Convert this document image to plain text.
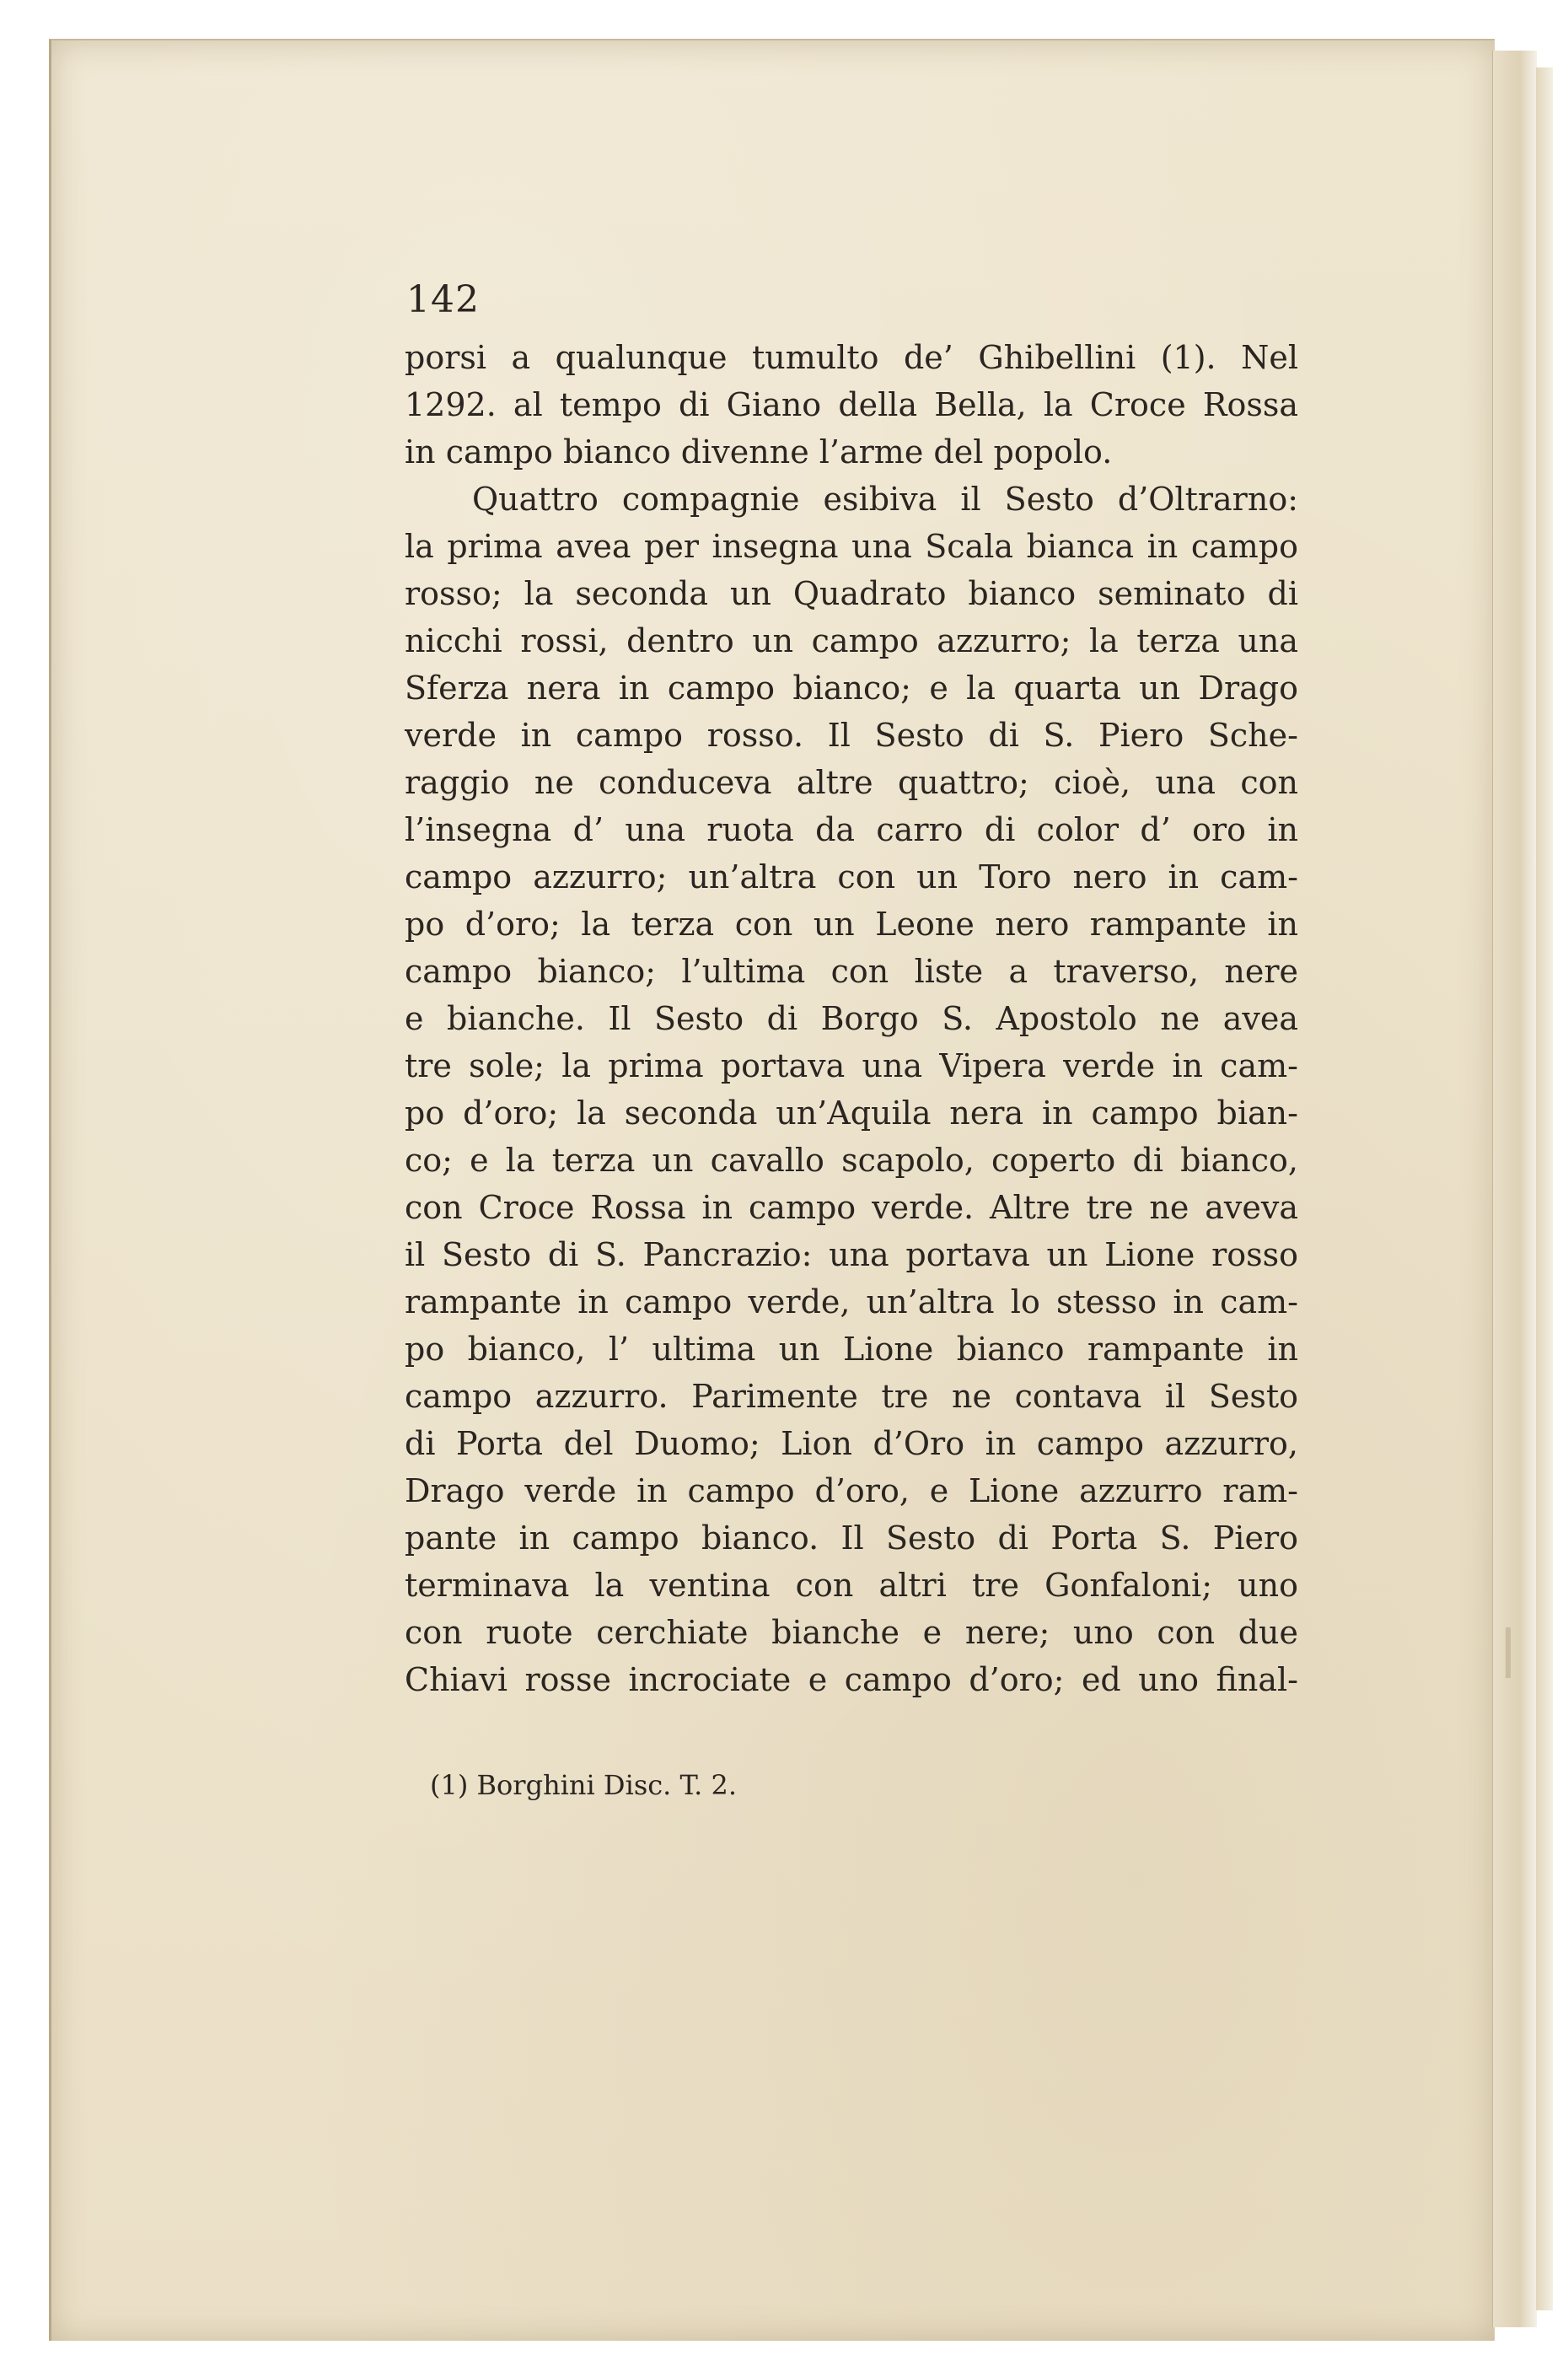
142
porsi a qualunque tumulto de’ Ghibellini (1). Nel
1292. al tempo di Giano della Bella, la Croce Rossa
in campo bianco divenne l’arme del popolo.
Quattro compagnie esibiva il Sesto d’Oltrarno:
la prima avea per insegna una Scala bianca in campo
rosso; la seconda un Quadrato bianco seminato di
nicchi rossi, dentro un campo azzurro; la terza una
Sferza nera in campo bianco; e la quarta un Drago
verde in campo rosso. Il Sesto di S. Piero Sche-
raggio ne conduceva altre quattro; cioè, una con
l’insegna d’ una ruota da carro di color d’ oro in
campo azzurro; un’altra con un Toro nero in cam-
po d’oro; la terza con un Leone nero rampante in
campo bianco; l’ultima con liste a traverso, nere
e bianche. Il Sesto di Borgo S. Apostolo ne avea
tre sole; la prima portava una Vipera verde in cam-
po d’oro; la seconda un’Aquila nera in campo bian-
co; e la terza un cavallo scapolo, coperto di bianco,
con Croce Rossa in campo verde. Altre tre ne aveva
il Sesto di S. Pancrazio: una portava un Lione rosso
rampante in campo verde, un’altra lo stesso in cam-
po bianco, l’ ultima un Lione bianco rampante in
campo azzurro. Parimente tre ne contava il Sesto
di Porta del Duomo; Lion d’Oro in campo azzurro,
Drago verde in campo d’oro, e Lione azzurro ram-
pante in campo bianco. Il Sesto di Porta S. Piero
terminava la ventina con altri tre Gonfaloni; uno
con ruote cerchiate bianche e nere; uno con due
Chiavi rosse incrociate e campo d’oro; ed uno final-
(1) Borghini Disc. T. 2.
